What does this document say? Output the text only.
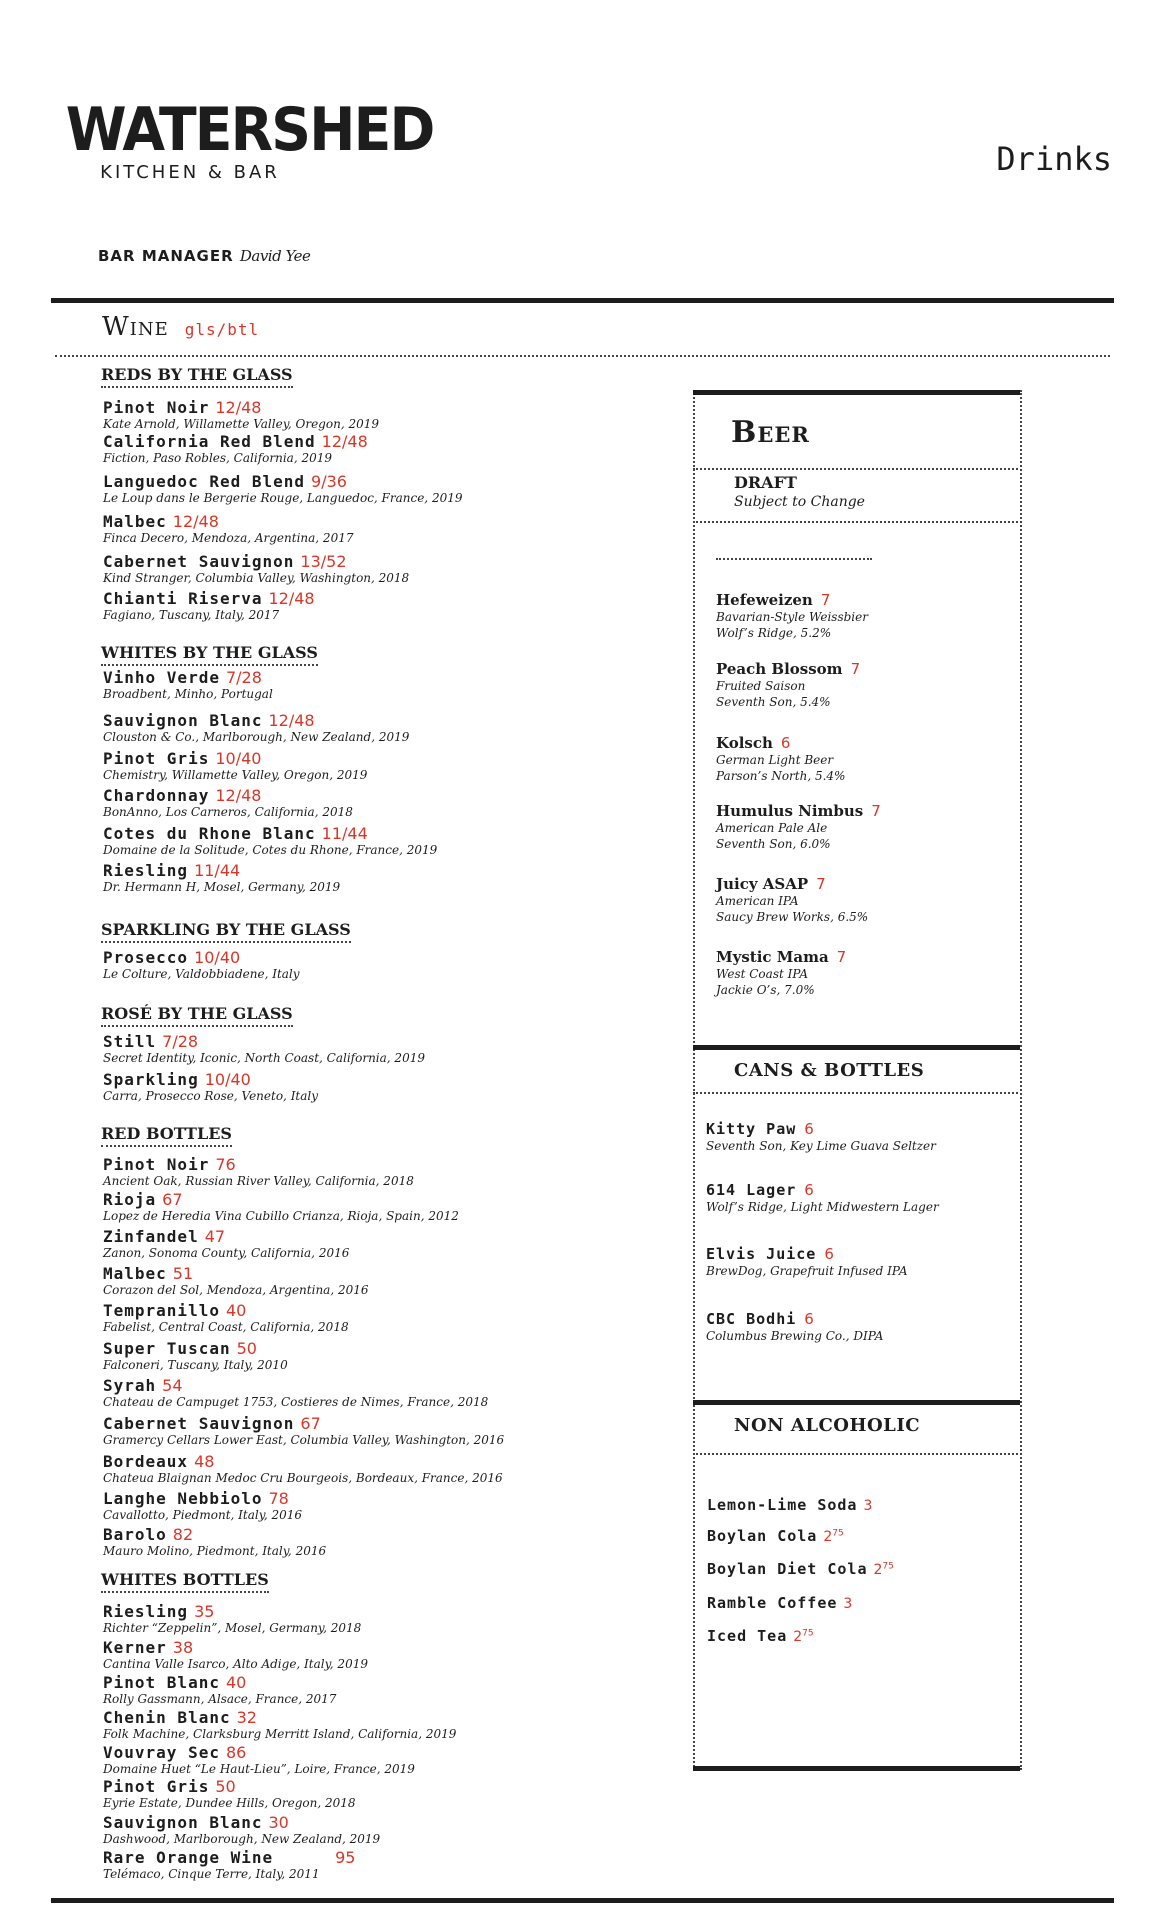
WATERSHED
KITCHEN & BAR	Drinks
BAR MANAGER David Yee
Wine gls/btl
REDS BY THE GLASS
Pinot Noir 12/48
Kate Arnold, Willamette Valley, Oregon, 2019
California Red Blend 12/48
Fiction, Paso Robles, California, 2019
Languedoc Red Blend 9/36
Le Loup dans le Bergerie Rouge, Languedoc, France, 2019
Malbec 12/48
Finca Decero, Mendoza, Argentina, 2017
Cabernet Sauvignon 13/52
Kind Stranger, Columbia Valley, Washington, 2018
Chianti Riserva 12/48
Fagiano, Tuscany, Italy, 2017
WHITES BY THE GLASS
Vinho Verde 7/28
Broadbent, Minho, Portugal
Sauvignon Blanc 12/48
Clouston & Co., Marlborough, New Zealand, 2019
Pinot Gris 10/40
Chemistry, Willamette Valley, Oregon, 2019
Chardonnay 12/48
BonAnno, Los Carneros, California, 2018
Cotes du Rhone Blanc 11/44
Domaine de la Solitude, Cotes du Rhone, France, 2019
Riesling 11/44
Dr. Hermann H, Mosel, Germany, 2019
SPARKLING BY THE GLASS
Prosecco 10/40
Le Colture, Valdobbiadene, Italy
ROSÉ BY THE GLASS
Still 7/28
Secret Identity, Iconic, North Coast, California, 2019
Sparkling 10/40
Carra, Prosecco Rose, Veneto, Italy
RED BOTTLES
Pinot Noir 76
Ancient Oak, Russian River Valley, California, 2018
Rioja 67
Lopez de Heredia Vina Cubillo Crianza, Rioja, Spain, 2012
Zinfandel 47
Zanon, Sonoma County, California, 2016
Malbec 51
Corazon del Sol, Mendoza, Argentina, 2016
Tempranillo 40
Fabelist, Central Coast, California, 2018
Super Tuscan 50
Falconeri, Tuscany, Italy, 2010
Syrah 54
Chateau de Campuget 1753, Costieres de Nimes, France, 2018
Cabernet Sauvignon 67
Gramercy Cellars Lower East, Columbia Valley, Washington, 2016
Bordeaux 48
Chateua Blaignan Medoc Cru Bourgeois, Bordeaux, France, 2016
Langhe Nebbiolo 78
Cavallotto, Piedmont, Italy, 2016
Barolo 82
Mauro Molino, Piedmont, Italy, 2016
WHITES BOTTLES
Riesling 35
Richter “Zeppelin”, Mosel, Germany, 2018
Kerner 38
Cantina Valle Isarco, Alto Adige, Italy, 2019
Pinot Blanc 40
Rolly Gassmann, Alsace, France, 2017
Chenin Blanc 32
Folk Machine, Clarksburg Merritt Island, California, 2019
Vouvray Sec 86
Domaine Huet “Le Haut-Lieu”, Loire, France, 2019
Pinot Gris 50
Eyrie Estate, Dundee Hills, Oregon, 2018
Sauvignon Blanc 30
Dashwood, Marlborough, New Zealand, 2019
Rare Orange Wine	95
Telémaco, Cinque Terre, Italy, 2011
Beer
DRAFT
Subject to Change
Hefeweizen 7
Bavarian-Style Weissbier
Wolf’s Ridge, 5.2%
Peach Blossom 7
Fruited Saison
Seventh Son, 5.4%
Kolsch 6
German Light Beer
Parson’s North, 5.4%
Humulus Nimbus 7
American Pale Ale
Seventh Son, 6.0%
Juicy ASAP 7
American IPA
Saucy Brew Works, 6.5%
Mystic Mama 7
West Coast IPA
Jackie O’s, 7.0%
CANS & BOTTLES
Kitty Paw 6
Seventh Son, Key Lime Guava Seltzer
614 Lager 6
Wolf’s Ridge, Light Midwestern Lager
Elvis Juice 6
BrewDog, Grapefruit Infused IPA
CBC Bodhi 6
Columbus Brewing Co., DIPA
NON ALCOHOLIC
Lemon-Lime Soda 3
Boylan Cola $2^{75}$
Boylan Diet Cola $2^{75}$
Ramble Coffee 3
Iced Tea $2^{75}$
